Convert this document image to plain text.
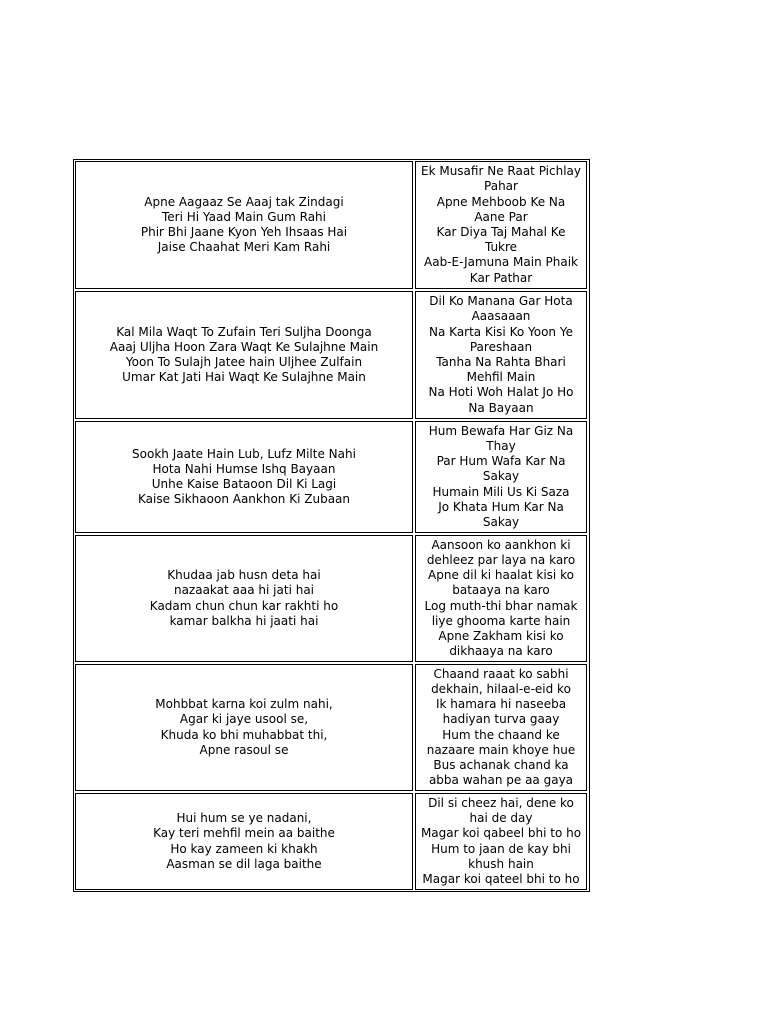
Apne Aagaaz Se Aaaj tak Zindagi
Teri Hi Yaad Main Gum Rahi
Phir Bhi Jaane Kyon Yeh Ihsaas Hai
Jaise Chaahat Meri Kam Rahi
Ek Musafir Ne Raat Pichlay
Pahar
Apne Mehboob Ke Na
Aane Par
Kar Diya Taj Mahal Ke
Tukre
Aab-E-Jamuna Main Phaik
Kar Pathar
Kal Mila Waqt To Zufain Teri Suljha Doonga
Aaaj Uljha Hoon Zara Waqt Ke Sulajhne Main
Yoon To Sulajh Jatee hain Uljhee Zulfain
Umar Kat Jati Hai Waqt Ke Sulajhne Main
Dil Ko Manana Gar Hota
Aaasaaan
Na Karta Kisi Ko Yoon Ye
Pareshaan
Tanha Na Rahta Bhari
Mehfil Main
Na Hoti Woh Halat Jo Ho
Na Bayaan
Sookh Jaate Hain Lub, Lufz Milte Nahi
Hota Nahi Humse Ishq Bayaan
Unhe Kaise Bataoon Dil Ki Lagi
Kaise Sikhaoon Aankhon Ki Zubaan
Hum Bewafa Har Giz Na
Thay
Par Hum Wafa Kar Na
Sakay
Humain Mili Us Ki Saza
Jo Khata Hum Kar Na
Sakay
Khudaa jab husn deta hai
nazaakat aaa hi jati hai
Kadam chun chun kar rakhti ho
kamar balkha hi jaati hai
Aansoon ko aankhon ki
dehleez par laya na karo
Apne dil ki haalat kisi ko
bataaya na karo
Log muth-thi bhar namak
liye ghooma karte hain
Apne Zakham kisi ko
dikhaaya na karo
Mohbbat karna koi zulm nahi,
Agar ki jaye usool se,
Khuda ko bhi muhabbat thi,
Apne rasoul se
Chaand raaat ko sabhi
dekhain, hilaal-e-eid ko
Ik hamara hi naseeba
hadiyan turva gaay
Hum the chaand ke
nazaare main khoye hue
Bus achanak chand ka
abba wahan pe aa gaya
Hui hum se ye nadani,
Kay teri mehfil mein aa baithe
Ho kay zameen ki khakh
Aasman se dil laga baithe
Dil si cheez hai, dene ko
hai de day
Magar koi qabeel bhi to ho
Hum to jaan de kay bhi
khush hain
Magar koi qateel bhi to ho
